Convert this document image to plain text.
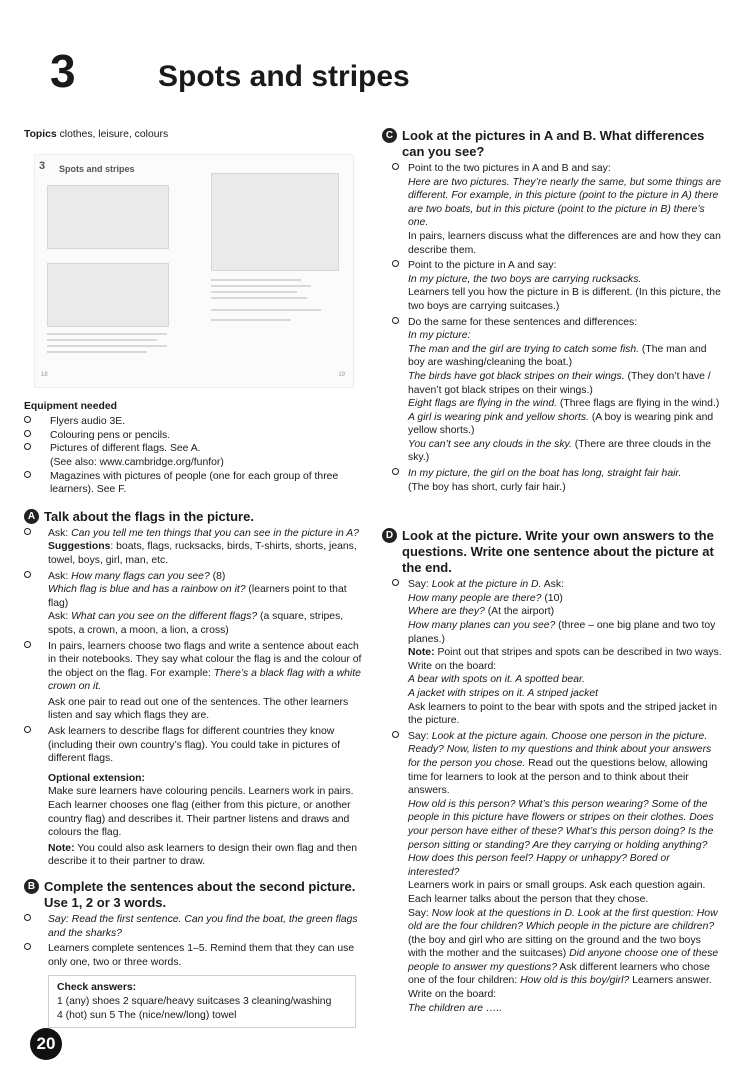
3	Spots and stripes

Topics clothes, leisure, colours

3 Spots and stripes
18	19

Equipment needed

Flyers audio 3E.
Colouring pens or pencils.
Pictures of different flags. See A.
(See also: www.cambridge.org/funfor)
Magazines with pictures of people (one for each group of three learners). See F.
A Talk about the flags in the picture.
Ask: Can you tell me ten things that you can see in the picture in A?
Suggestions: boats, flags, rucksacks, birds, T-shirts, shorts, jeans, towel, boys, girl, man, etc.
Ask: How many flags can you see? (8)
Which flag is blue and has a rainbow on it? (learners point to that flag)
Ask: What can you see on the different flags? (a square, stripes, spots, a crown, a moon, a lion, a cross)
In pairs, learners choose two flags and write a sentence about each in their notebooks. They say what colour the flag is and the colour of the object on the flag. For example: There’s a black flag with a white crown on it.

Ask one pair to read out one of the sentences. The other learners listen and say which flags they are.

Ask learners to describe flags for different countries they know (including their own country’s flag). You could take in pictures of different flags.

Optional extension:

Make sure learners have colouring pencils. Learners work in pairs. Each learner chooses one flag (either from this picture, or another country flag) and describes it. Their partner listens and draws and colours the flag.

Note: You could also ask learners to design their own flag and then describe it to their partner to draw.

B Complete the sentences about the second picture. Use 1, 2 or 3 words.
Say: Read the first sentence. Can you find the boat, the green flags and the sharks?
Learners complete sentences 1–5. Remind them that they can use only one, two or three words.

Check answers:

1 (any) shoes 2 square/heavy suitcases 3 cleaning/washing

4 (hot) sun 5 The (nice/new/long) towel

C Look at the pictures in A and B. What differences can you see?

Point to the two pictures in A and B and say:

Here are two pictures. They’re nearly the same, but some things are different. For example, in this picture (point to the picture in A) there are two boats, but in this picture (point to the picture in B) there’s one.

In pairs, learners discuss what the differences are and how they can describe them.

Point to the picture in A and say:

In my picture, the two boys are carrying rucksacks.

Learners tell you how the picture in B is different. (In this picture, the two boys are carrying suitcases.)

Do the same for these sentences and differences:

In my picture:

The man and the girl are trying to catch some fish. (The man and boy are washing/cleaning the boat.)

The birds have got black stripes on their wings. (They don’t have / haven’t got black stripes on their wings.)

Eight flags are flying in the wind. (Three flags are flying in the wind.)

A girl is wearing pink and yellow shorts. (A boy is wearing pink and yellow shorts.)

You can’t see any clouds in the sky. (There are three clouds in the sky.)

In my picture, the girl on the boat has long, straight fair hair.

(The boy has short, curly fair hair.)

D Look at the picture. Write your own answers to the questions. Write one sentence about the picture at the end.

Say: Look at the picture in D. Ask:

How many people are there? (10)

Where are they? (At the airport)

How many planes can you see? (three – one big plane and two toy planes.)

Note: Point out that stripes and spots can be described in two ways. Write on the board:

A bear with spots on it. A spotted bear.

A jacket with stripes on it. A striped jacket

Ask learners to point to the bear with spots and the striped jacket in the picture.

Say: Look at the picture again. Choose one person in the picture. Ready? Now, listen to my questions and think about your answers for the person you chose. Read out the questions below, allowing time for learners to look at the person and to think about their answers.

How old is this person? What’s this person wearing? Some of the people in this picture have flowers or stripes on their clothes. Does your person have either of these? What’s this person doing? Is the person sitting or standing? Are they carrying or holding anything? How does this person feel? Happy or unhappy? Bored or interested?

Learners work in pairs or small groups. Ask each question again. Each learner talks about the person that they chose.

Say: Now look at the questions in D. Look at the first question: How old are the four children? Which people in the picture are children? (the boy and girl who are sitting on the ground and the two boys with the mother and the suitcases) Did anyone choose one of these people to answer my questions? Ask different learners who chose one of the four children: How old is this boy/girl? Learners answer.

Write on the board:

The children are …..

20
